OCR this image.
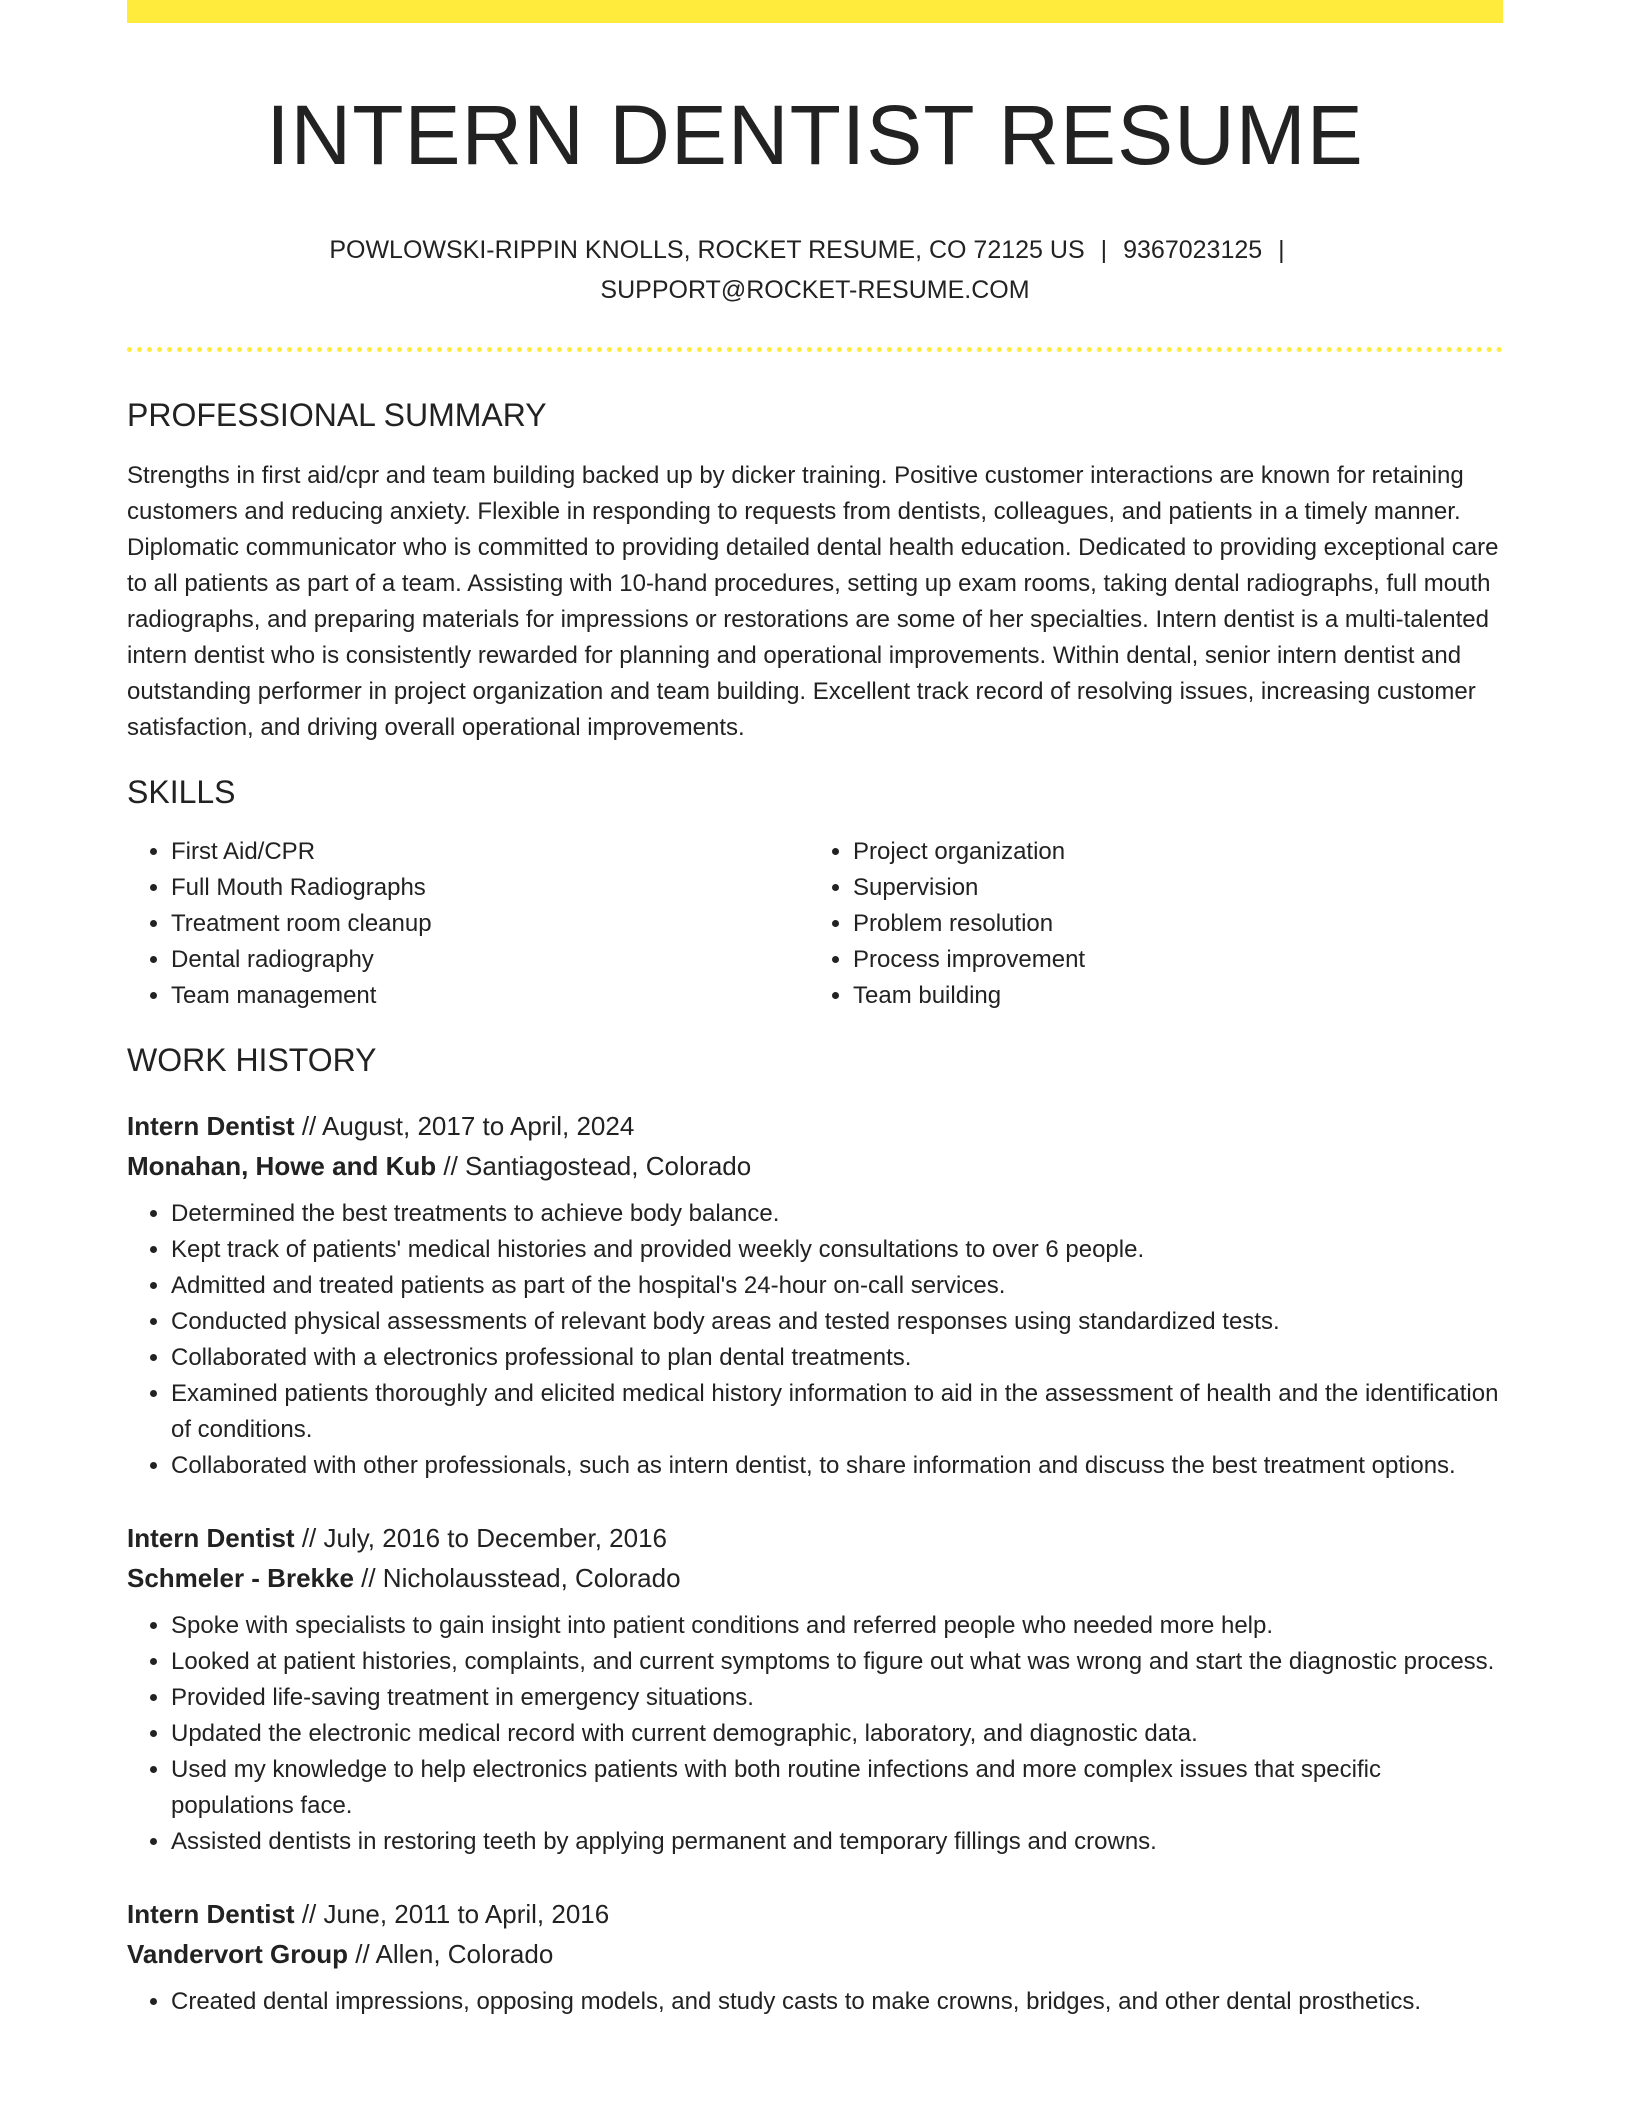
INTERN DENTIST RESUME
POWLOWSKI-RIPPIN KNOLLS, ROCKET RESUME, CO 72125 US | 9367023125 |
SUPPORT@ROCKET-RESUME.COM
PROFESSIONAL SUMMARY

Strengths in first aid/cpr and team building backed up by dicker training. Positive customer interactions are known for retaining customers and reducing anxiety. Flexible in responding to requests from dentists, colleagues, and patients in a timely manner. Diplomatic communicator who is committed to providing detailed dental health education. Dedicated to providing exceptional care to all patients as part of a team. Assisting with 10-hand procedures, setting up exam rooms, taking dental radiographs, full mouth radiographs, and preparing materials for impressions or restorations are some of her specialties. Intern dentist is a multi-talented intern dentist who is consistently rewarded for planning and operational improvements. Within dental, senior intern dentist and outstanding performer in project organization and team building. Excellent track record of resolving issues, increasing customer satisfaction, and driving overall operational improvements.

SKILLS
• First Aid/CPR
• Full Mouth Radiographs
• Treatment room cleanup
• Dental radiography
• Team management
• Project organization
• Supervision
• Problem resolution
• Process improvement
• Team building
WORK HISTORY
Intern Dentist // August, 2017 to April, 2024
Monahan, Howe and Kub // Santiagostead, Colorado
• Determined the best treatments to achieve body balance.
• Kept track of patients' medical histories and provided weekly consultations to over 6 people.
• Admitted and treated patients as part of the hospital's 24-hour on-call services.
• Conducted physical assessments of relevant body areas and tested responses using standardized tests.
• Collaborated with a electronics professional to plan dental treatments.
• Examined patients thoroughly and elicited medical history information to aid in the assessment of health and the identification of conditions.
• Collaborated with other professionals, such as intern dentist, to share information and discuss the best treatment options.
Intern Dentist // July, 2016 to December, 2016
Schmeler - Brekke // Nicholausstead, Colorado
• Spoke with specialists to gain insight into patient conditions and referred people who needed more help.
• Looked at patient histories, complaints, and current symptoms to figure out what was wrong and start the diagnostic process.
• Provided life-saving treatment in emergency situations.
• Updated the electronic medical record with current demographic, laboratory, and diagnostic data.
• Used my knowledge to help electronics patients with both routine infections and more complex issues that specific populations face.
• Assisted dentists in restoring teeth by applying permanent and temporary fillings and crowns.
Intern Dentist // June, 2011 to April, 2016
Vandervort Group // Allen, Colorado
• Created dental impressions, opposing models, and study casts to make crowns, bridges, and other dental prosthetics.
